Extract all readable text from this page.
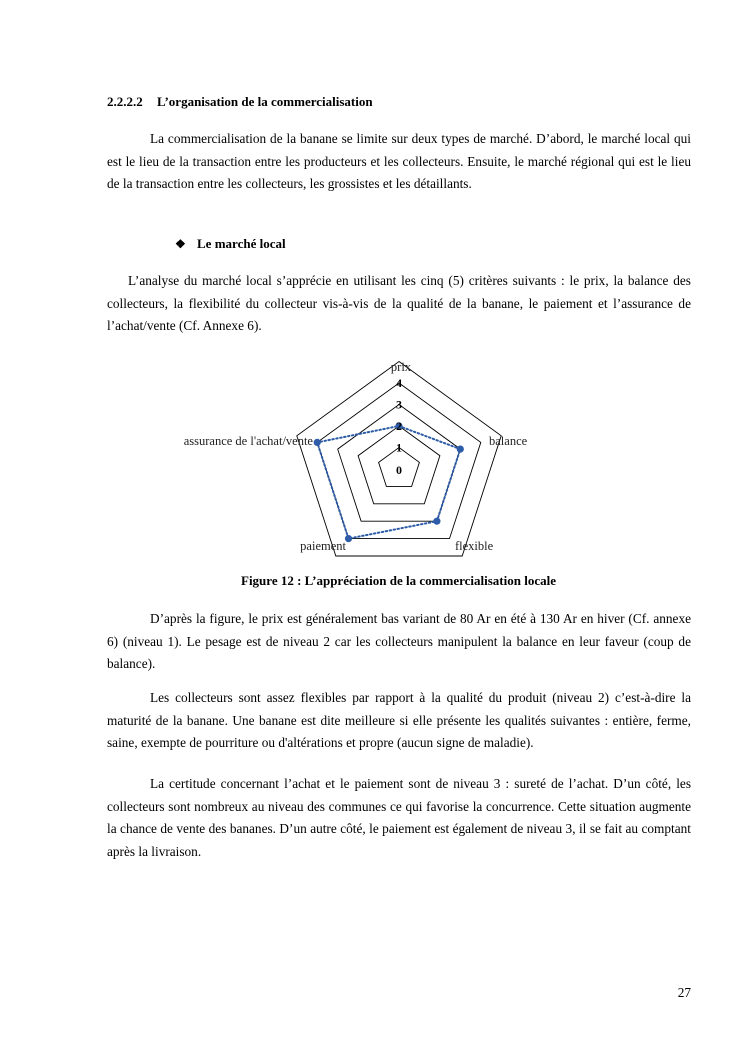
2.2.2.2 L’organisation de la commercialisation

La commercialisation de la banane se limite sur deux types de marché. D’abord, le marché local qui est le lieu de la transaction entre les producteurs et les collecteurs. Ensuite, le marché régional qui est le lieu de la transaction entre les collecteurs, les grossistes et les détaillants.

❖ Le marché local

L’analyse du marché local s’apprécie en utilisant les cinq (5) critères suivants : le prix, la balance des collecteurs, la flexibilité du collecteur vis-à-vis de la qualité de la banane, le paiement et l’assurance de l’achat/vente (Cf. Annexe 6).

0
1
2
3
4
prix
balance
flexible
paiement
assurance de l'achat/vente
Figure 12 : L’appréciation de la commercialisation locale

D’après la figure, le prix est généralement bas variant de 80 Ar en été à 130 Ar en hiver (Cf. annexe 6) (niveau 1). Le pesage est de niveau 2 car les collecteurs manipulent la balance en leur faveur (coup de balance).

Les collecteurs sont assez flexibles par rapport à la qualité du produit (niveau 2) c’est-à-dire la maturité de la banane. Une banane est dite meilleure si elle présente les qualités suivantes : entière, ferme, saine, exempte de pourriture ou d'altérations et propre (aucun signe de maladie).

La certitude concernant l’achat et le paiement sont de niveau 3 : sureté de l’achat. D’un côté, les collecteurs sont nombreux au niveau des communes ce qui favorise la concurrence. Cette situation augmente la chance de vente des bananes. D’un autre côté, le paiement est également de niveau 3, il se fait au comptant après la livraison.

27
